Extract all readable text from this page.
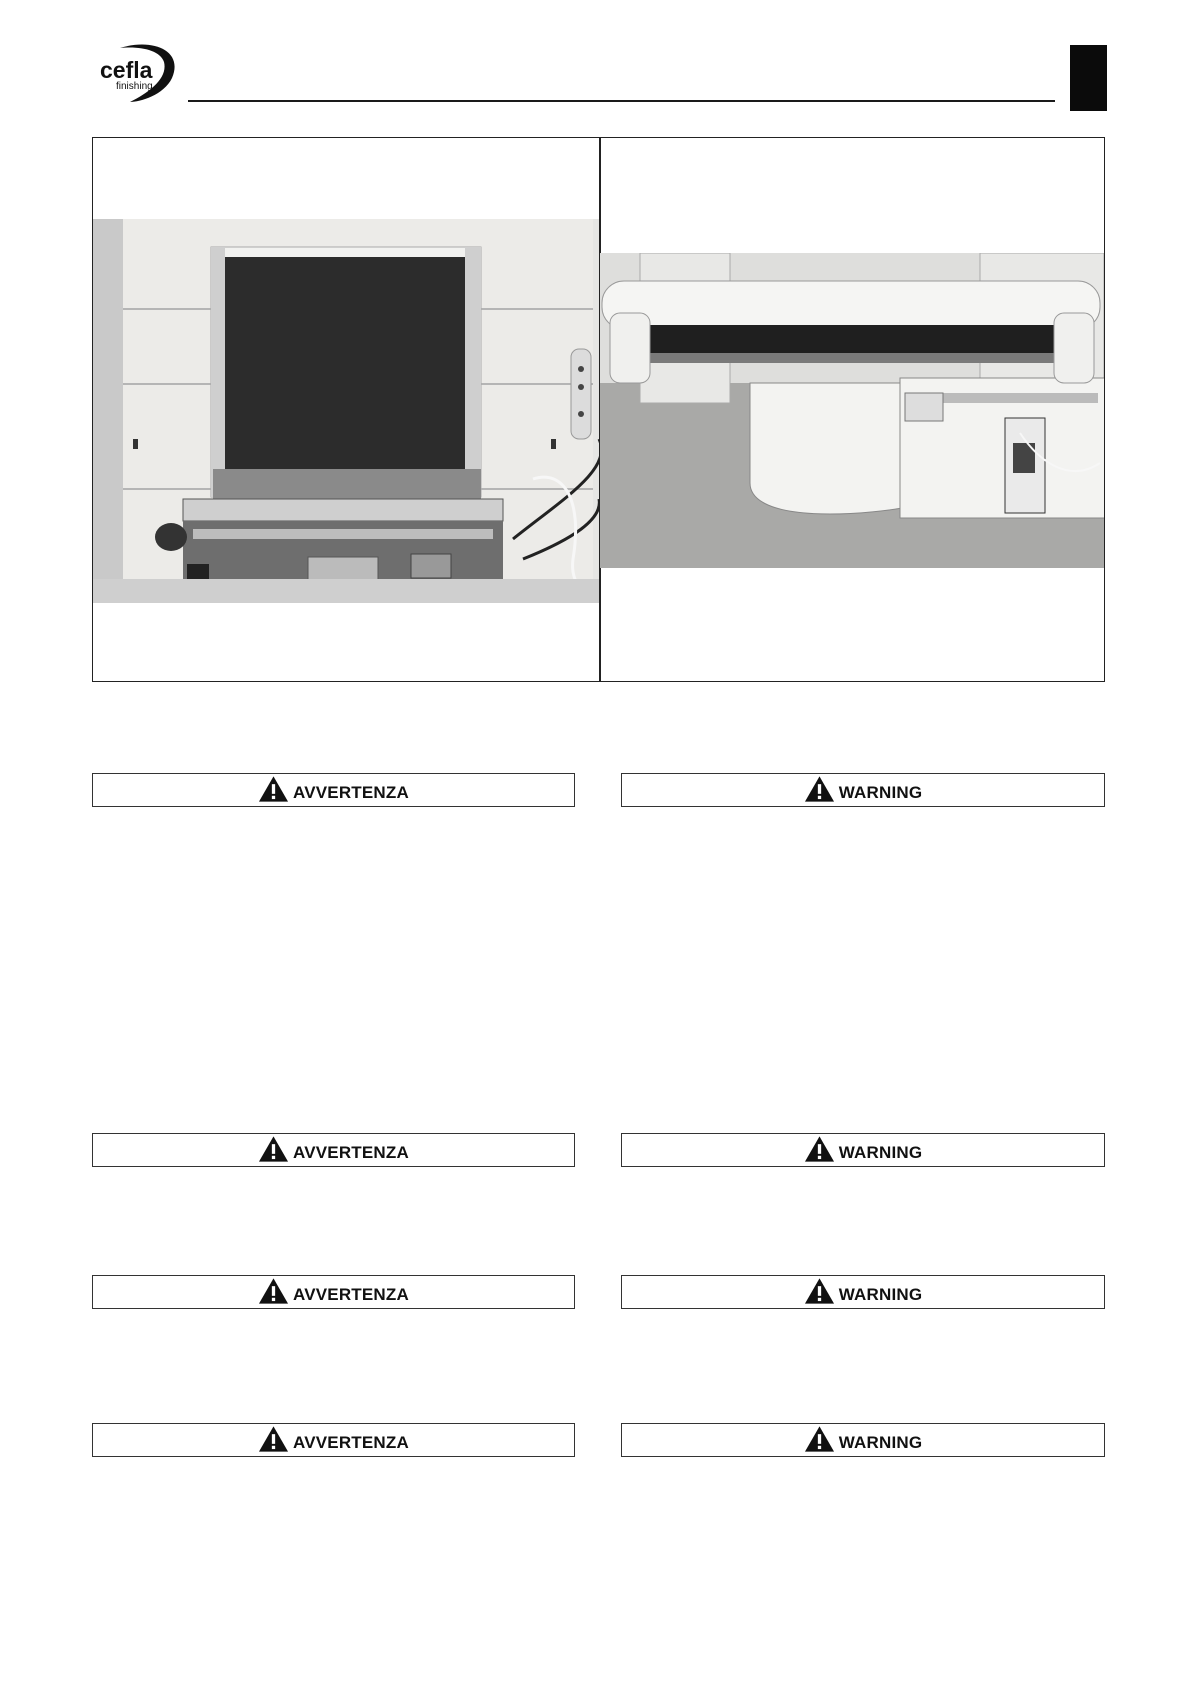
cefla
finishing
AVVERTENZA	WARNING
AVVERTENZA	WARNING
AVVERTENZA	WARNING
AVVERTENZA	WARNING
